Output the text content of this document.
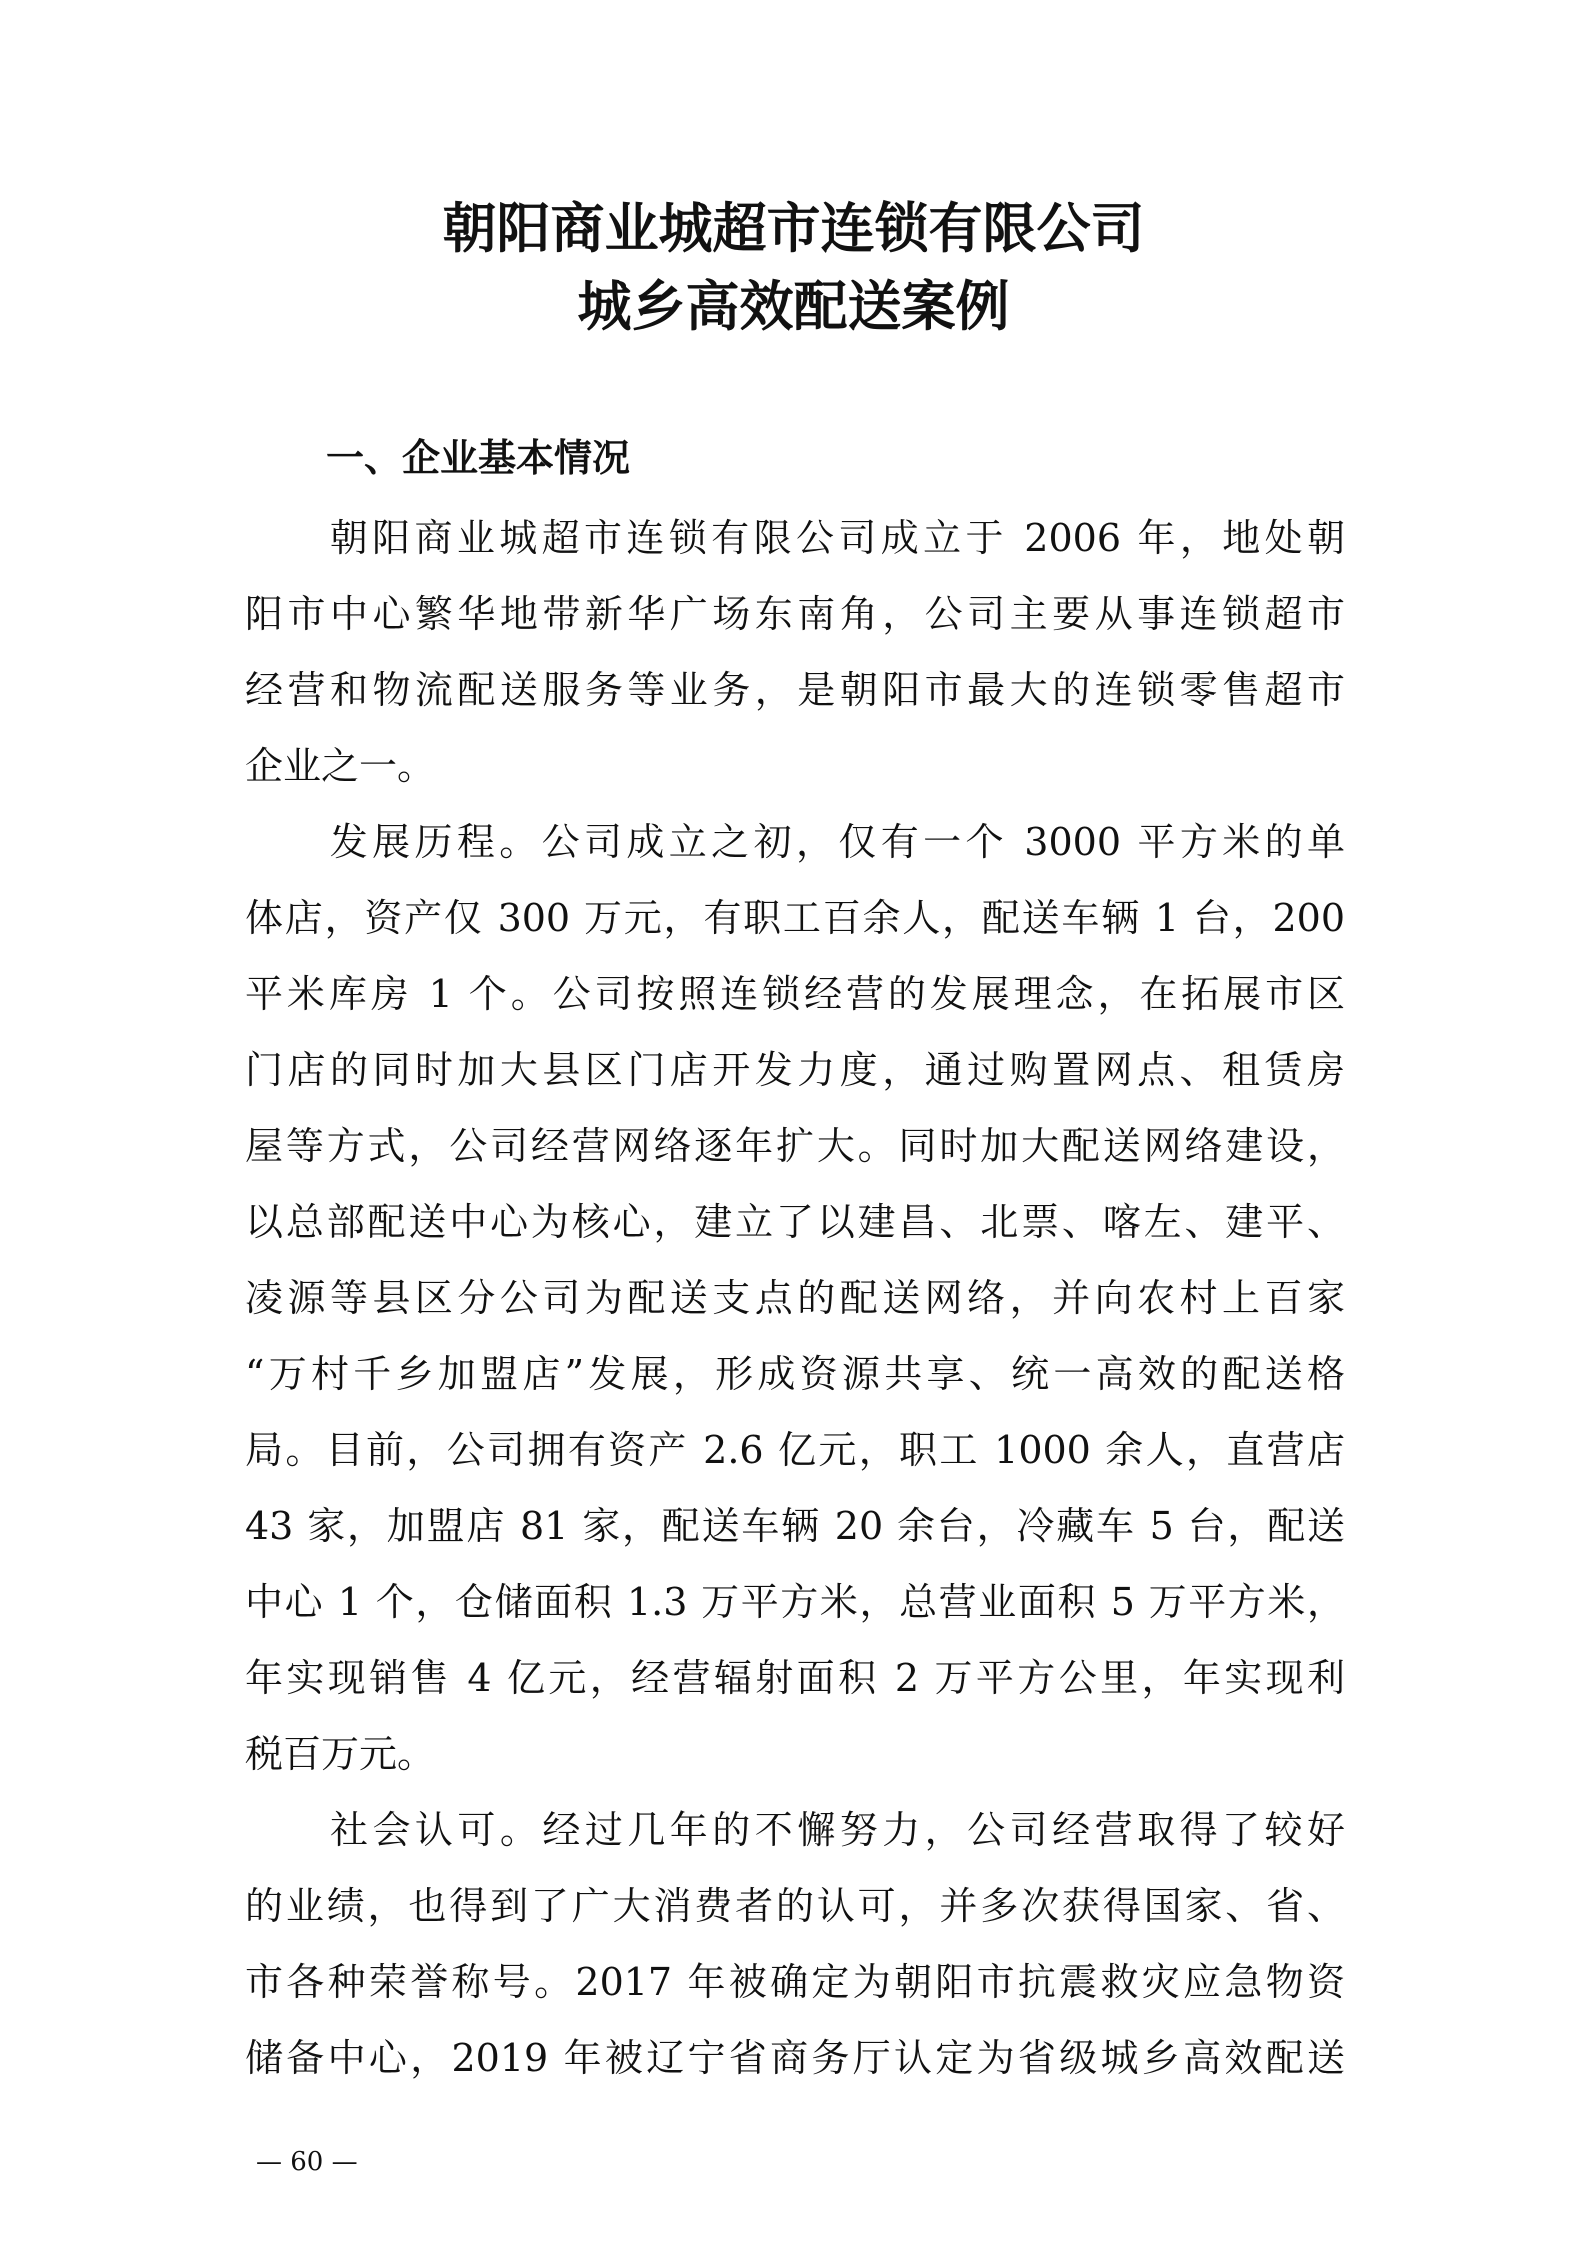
朝阳商业城超市连锁有限公司
城乡高效配送案例
一、企业基本情况
　　朝阳商业城超市连锁有限公司成立于 2006 年，地处朝
阳市中心繁华地带新华广场东南角，公司主要从事连锁超市
经营和物流配送服务等业务，是朝阳市最大的连锁零售超市
企业之一。
　　发展历程。公司成立之初，仅有一个 3000 平方米的单
体店，资产仅 300 万元，有职工百余人，配送车辆 1 台，200
平米库房 1 个。公司按照连锁经营的发展理念，在拓展市区
门店的同时加大县区门店开发力度，通过购置网点、租赁房
屋等方式，公司经营网络逐年扩大。同时加大配送网络建设，
以总部配送中心为核心，建立了以建昌、北票、喀左、建平、
凌源等县区分公司为配送支点的配送网络，并向农村上百家
“万村千乡加盟店”发展，形成资源共享、统一高效的配送格
局。目前，公司拥有资产 2.6 亿元，职工 1000 余人，直营店
43 家，加盟店 81 家，配送车辆 20 余台，冷藏车 5 台，配送
中心 1 个，仓储面积 1.3 万平方米，总营业面积 5 万平方米，
年实现销售 4 亿元，经营辐射面积 2 万平方公里，年实现利
税百万元。
　　社会认可。经过几年的不懈努力，公司经营取得了较好
的业绩，也得到了广大消费者的认可，并多次获得国家、省、
市各种荣誉称号。2017 年被确定为朝阳市抗震救灾应急物资
储备中心，2019 年被辽宁省商务厅认定为省级城乡高效配送
— 60 —
